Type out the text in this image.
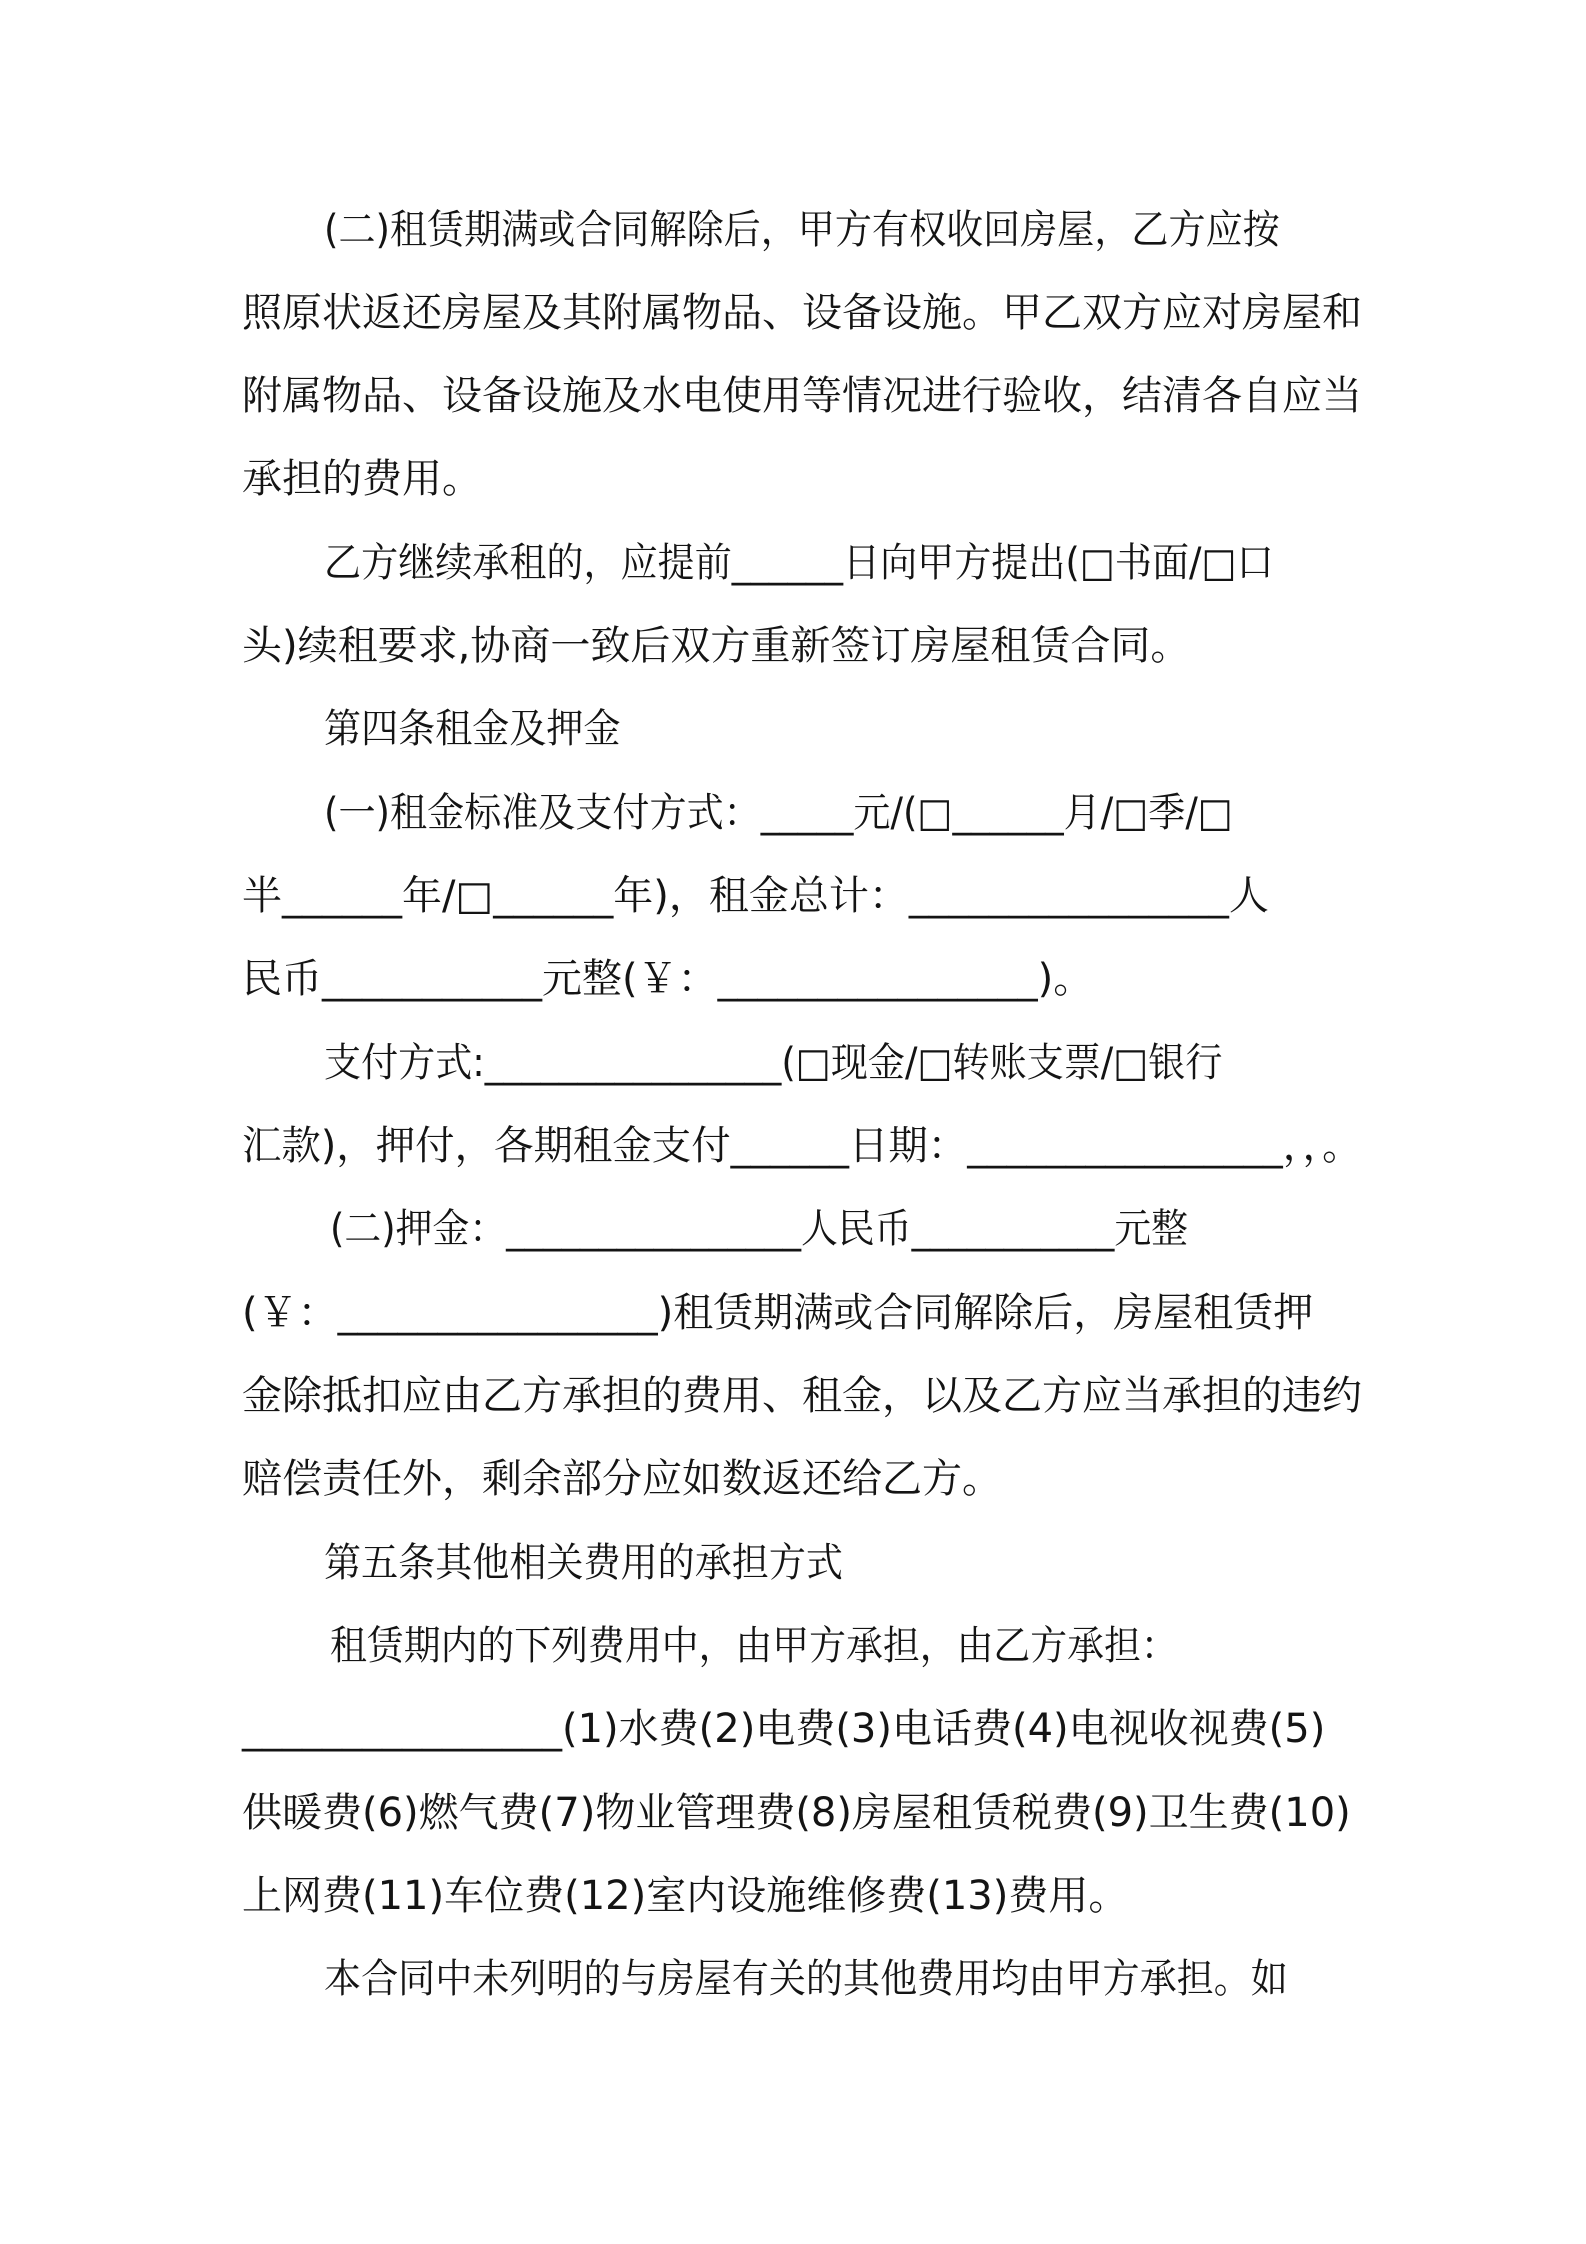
(二)租赁期满或合同解除后，甲方有权收回房屋，乙方应按
照原状返还房屋及其附属物品、设备设施。甲乙双方应对房屋和
附属物品、设备设施及水电使用等情况进行验收，结清各自应当
承担的费用。
乙方继续承租的，应提前______日向甲方提出(□书面/□口
头)续租要求,协商一致后双方重新签订房屋租赁合同。
第四条租金及押金
(一)租金标准及支付方式：_____元/(□______月/□季/□
半______年/□______年)，租金总计：________________人
民币___________元整(￥：________________)。
支付方式:________________(□现金/□转账支票/□银行
汇款)，押付，各期租金支付______日期：________________，，。
(二)押金：________________人民币___________元整
(￥：________________)租赁期满或合同解除后，房屋租赁押
金除抵扣应由乙方承担的费用、租金，以及乙方应当承担的违约
赔偿责任外，剩余部分应如数返还给乙方。
第五条其他相关费用的承担方式
租赁期内的下列费用中，由甲方承担，由乙方承担：
________________(1)水费(2)电费(3)电话费(4)电视收视费(5)
供暖费(6)燃气费(7)物业管理费(8)房屋租赁税费(9)卫生费(10)
上网费(11)车位费(12)室内设施维修费(13)费用。
本合同中未列明的与房屋有关的其他费用均由甲方承担。如
